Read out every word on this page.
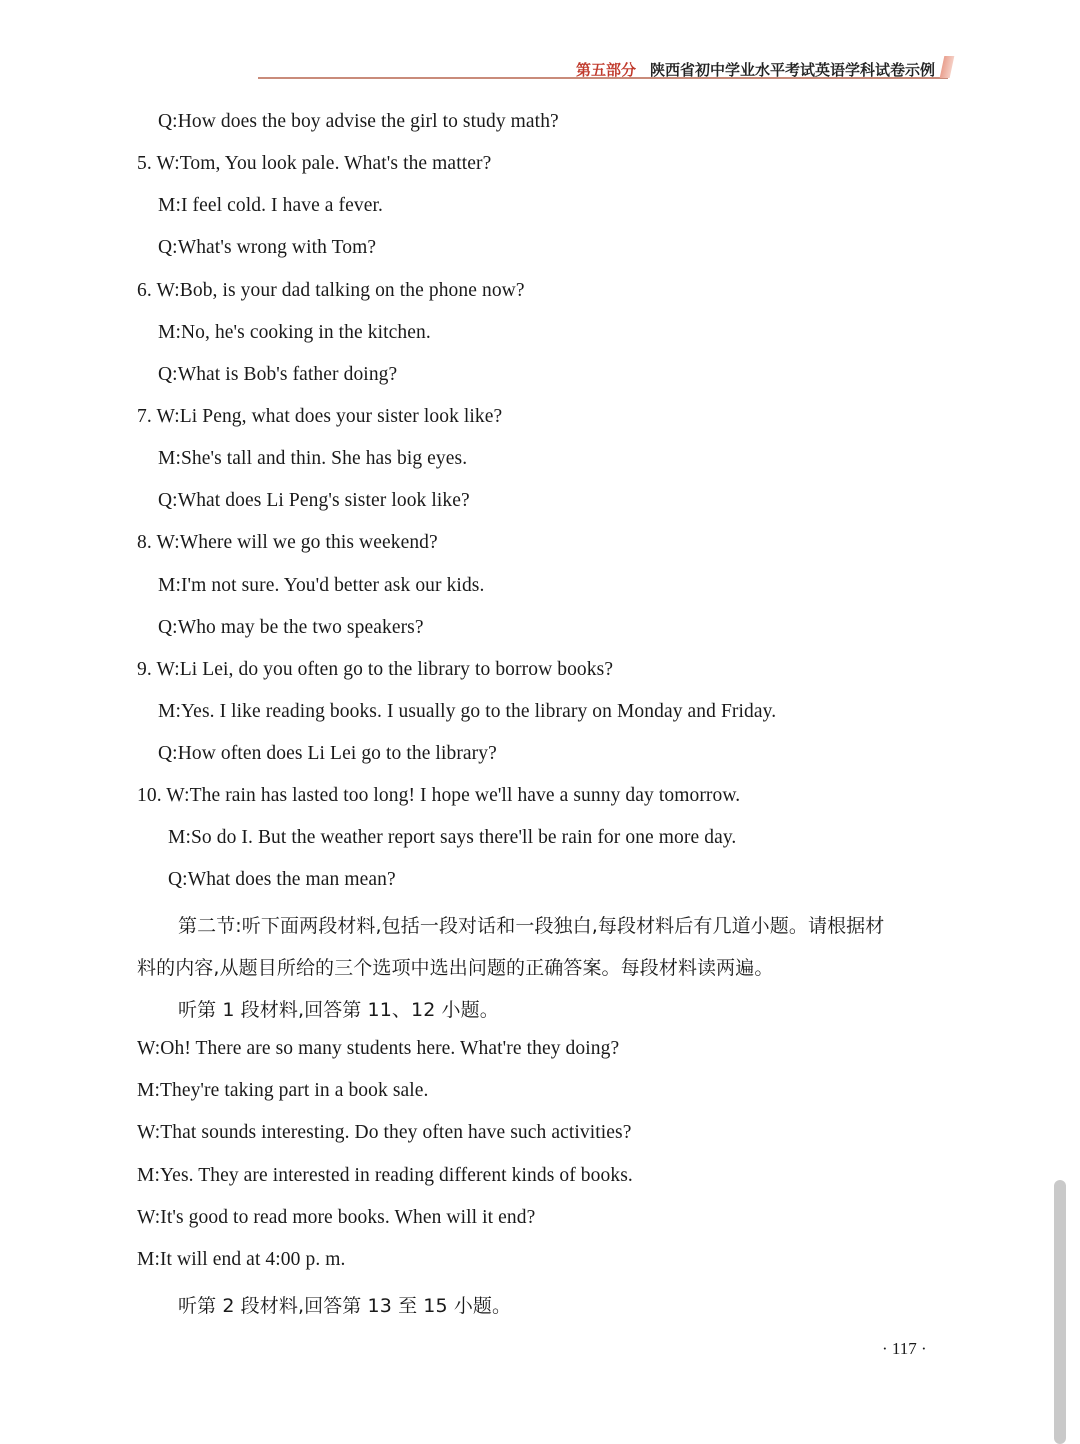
第五部分 陕西省初中学业水平考试英语学科试卷示例
Q:How does the boy advise the girl to study math?
5. W:Tom, You look pale. What's the matter?
M:I feel cold. I have a fever.
Q:What's wrong with Tom?
6. W:Bob, is your dad talking on the phone now?
M:No, he's cooking in the kitchen.
Q:What is Bob's father doing?
7. W:Li Peng, what does your sister look like?
M:She's tall and thin. She has big eyes.
Q:What does Li Peng's sister look like?
8. W:Where will we go this weekend?
M:I'm not sure. You'd better ask our kids.
Q:Who may be the two speakers?
9. W:Li Lei, do you often go to the library to borrow books?
M:Yes. I like reading books. I usually go to the library on Monday and Friday.
Q:How often does Li Lei go to the library?
10. W:The rain has lasted too long! I hope we'll have a sunny day tomorrow.
M:So do I. But the weather report says there'll be rain for one more day.
Q:What does the man mean?
第二节:听下面两段材料,包括一段对话和一段独白,每段材料后有几道小题。请根据材
料的内容,从题目所给的三个选项中选出问题的正确答案。每段材料读两遍。
听第 1 段材料,回答第 11、12 小题。
W:Oh! There are so many students here. What're they doing?
M:They're taking part in a book sale.
W:That sounds interesting. Do they often have such activities?
M:Yes. They are interested in reading different kinds of books.
W:It's good to read more books. When will it end?
M:It will end at 4:00 p. m.
听第 2 段材料,回答第 13 至 15 小题。
· 117 ·
